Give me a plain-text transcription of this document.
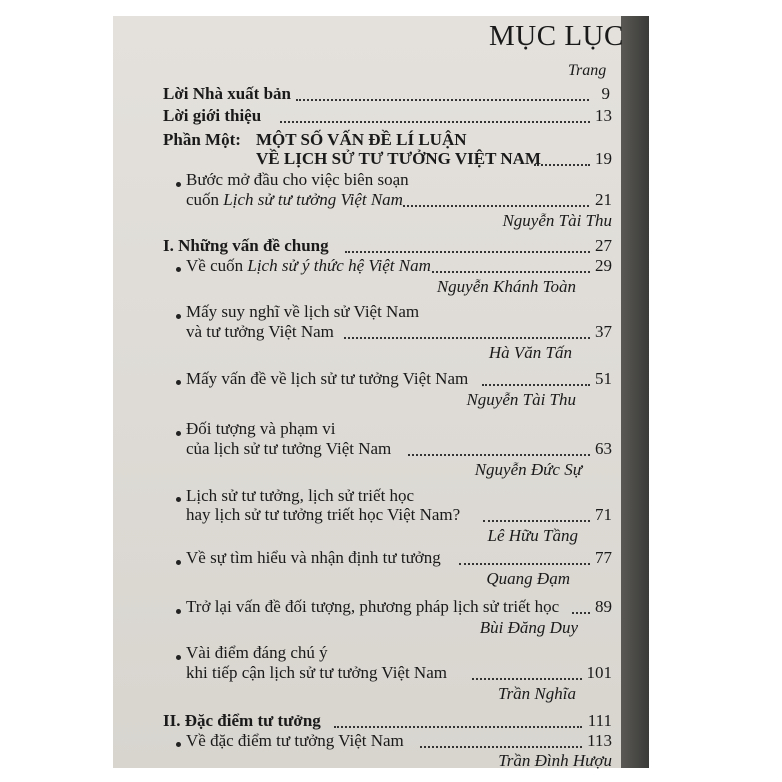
MỤC LỤC
Trang
Lời Nhà xuất bản	9
Lời giới thiệu	13
Phần Một: MỘT SỐ VẤN ĐỀ LÍ LUẬN
VỀ LỊCH SỬ TƯ TƯỞNG VIỆT NAM	19
Bước mở đầu cho việc biên soạn
cuốn Lịch sử tư tưởng Việt Nam	21
Nguyễn Tài Thu
I. Những vấn đề chung	27
Về cuốn Lịch sử ý thức hệ Việt Nam	29
Nguyễn Khánh Toàn
Mấy suy nghĩ về lịch sử Việt Nam
và tư tưởng Việt Nam	37
Hà Văn Tấn
Mấy vấn đề về lịch sử tư tưởng Việt Nam	51
Nguyễn Tài Thu
Đối tượng và phạm vi
của lịch sử tư tưởng Việt Nam	63
Nguyễn Đức Sự
Lịch sử tư tưởng, lịch sử triết học
hay lịch sử tư tưởng triết học Việt Nam?	71
Lê Hữu Tầng
Về sự tìm hiểu và nhận định tư tưởng	77
Quang Đạm
Trở lại vấn đề đối tượng, phương pháp lịch sử triết học 89
Bùi Đăng Duy
Vài điểm đáng chú ý
khi tiếp cận lịch sử tư tưởng Việt Nam	101
Trần Nghĩa
II. Đặc điểm tư tưởng	111
Về đặc điểm tư tưởng Việt Nam	113
Trần Đình Hượu
